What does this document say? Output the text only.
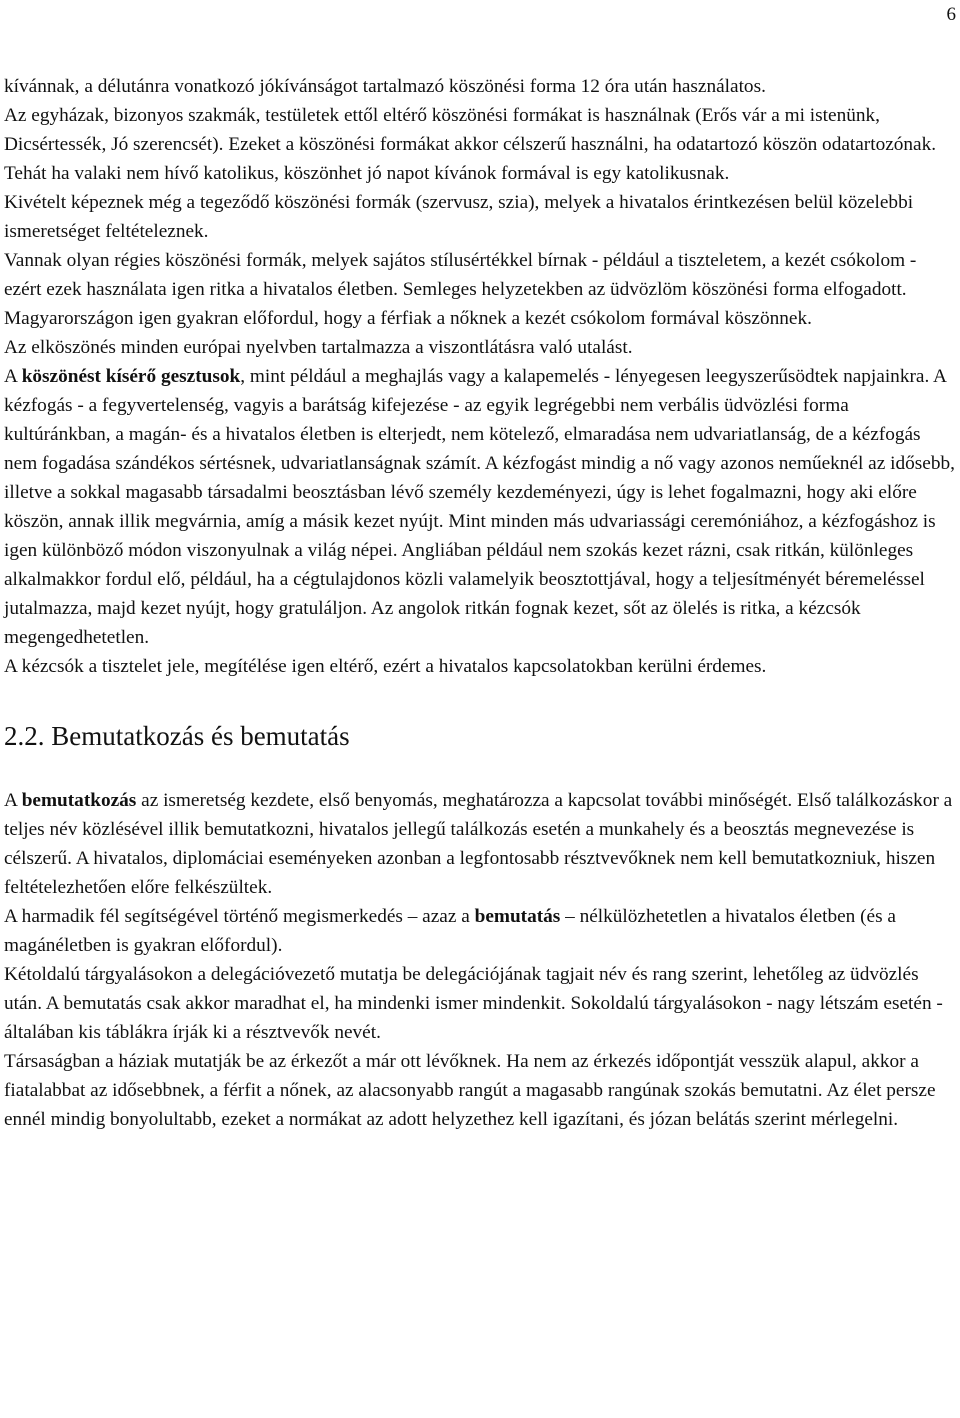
6

kívánnak, a délutánra vonatkozó jókívánságot tartalmazó köszönési forma 12 óra után használatos.

Az egyházak, bizonyos szakmák, testületek ettől eltérő köszönési formákat is használnak (Erős vár a mi istenünk, Dicsértessék, Jó szerencsét). Ezeket a köszönési formákat akkor célszerű használni, ha odatartozó köszön odatartozónak. Tehát ha valaki nem hívő katolikus, köszönhet jó napot kívánok formával is egy katolikusnak.

Kivételt képeznek még a tegeződő köszönési formák (szervusz, szia), melyek a hivatalos érintkezésen belül közelebbi ismeretséget feltételeznek.

Vannak olyan régies köszönési formák, melyek sajátos stílusértékkel bírnak - például a tiszteletem, a kezét csókolom - ezért ezek használata igen ritka a hivatalos életben. Semleges helyzetekben az üdvözlöm köszönési forma elfogadott. Magyarországon igen gyakran előfordul, hogy a férfiak a nőknek a kezét csókolom formával köszönnek.

Az elköszönés minden európai nyelvben tartalmazza a viszontlátásra való utalást.

A köszönést kísérő gesztusok, mint például a meghajlás vagy a kalapemelés - lényegesen leegyszerűsödtek napjainkra. A kézfogás - a fegyvertelenség, vagyis a barátság kifejezése - az egyik legrégebbi nem verbális üdvözlési forma kultúránkban, a magán- és a hivatalos életben is elterjedt, nem kötelező, elmaradása nem udvariatlanság, de a kézfogás nem fogadása szándékos sértésnek, udvariatlanságnak számít. A kézfogást mindig a nő vagy azonos neműeknél az idősebb, illetve a sokkal magasabb társadalmi beosztásban lévő személy kezdeményezi, úgy is lehet fogalmazni, hogy aki előre köszön, annak illik megvárnia, amíg a másik kezet nyújt. Mint minden más udvariassági ceremóniához, a kézfogáshoz is igen különböző módon viszonyulnak a világ népei. Angliában például nem szokás kezet rázni, csak ritkán, különleges alkalmakkor fordul elő, például, ha a cégtulajdonos közli valamelyik beosztottjával, hogy a teljesítményét béremeléssel jutalmazza, majd kezet nyújt, hogy gratuláljon. Az angolok ritkán fognak kezet, sőt az ölelés is ritka, a kézcsók megengedhetetlen.

A kézcsók a tisztelet jele, megítélése igen eltérő, ezért a hivatalos kapcsolatokban kerülni érdemes.

2.2. Bemutatkozás és bemutatás

A bemutatkozás az ismeretség kezdete, első benyomás, meghatározza a kapcsolat további minőségét. Első találkozáskor a teljes név közlésével illik bemutatkozni, hivatalos jellegű találkozás esetén a munkahely és a beosztás megnevezése is célszerű. A hivatalos, diplomáciai eseményeken azonban a legfontosabb résztvevőknek nem kell bemutatkozniuk, hiszen feltételezhetően előre felkészültek.

A harmadik fél segítségével történő megismerkedés – azaz a bemutatás – nélkülözhetetlen a hivatalos életben (és a magánéletben is gyakran előfordul).

Kétoldalú tárgyalásokon a delegációvezető mutatja be delegációjának tagjait név és rang szerint, lehetőleg az üdvözlés után. A bemutatás csak akkor maradhat el, ha mindenki ismer mindenkit. Sokoldalú tárgyalásokon - nagy létszám esetén - általában kis táblákra írják ki a résztvevők nevét.

Társaságban a háziak mutatják be az érkezőt a már ott lévőknek. Ha nem az érkezés időpontját vesszük alapul, akkor a fiatalabbat az idősebbnek, a férfit a nőnek, az alacsonyabb rangút a magasabb rangúnak szokás bemutatni. Az élet persze ennél mindig bonyolultabb, ezeket a normákat az adott helyzethez kell igazítani, és józan belátás szerint mérlegelni.
